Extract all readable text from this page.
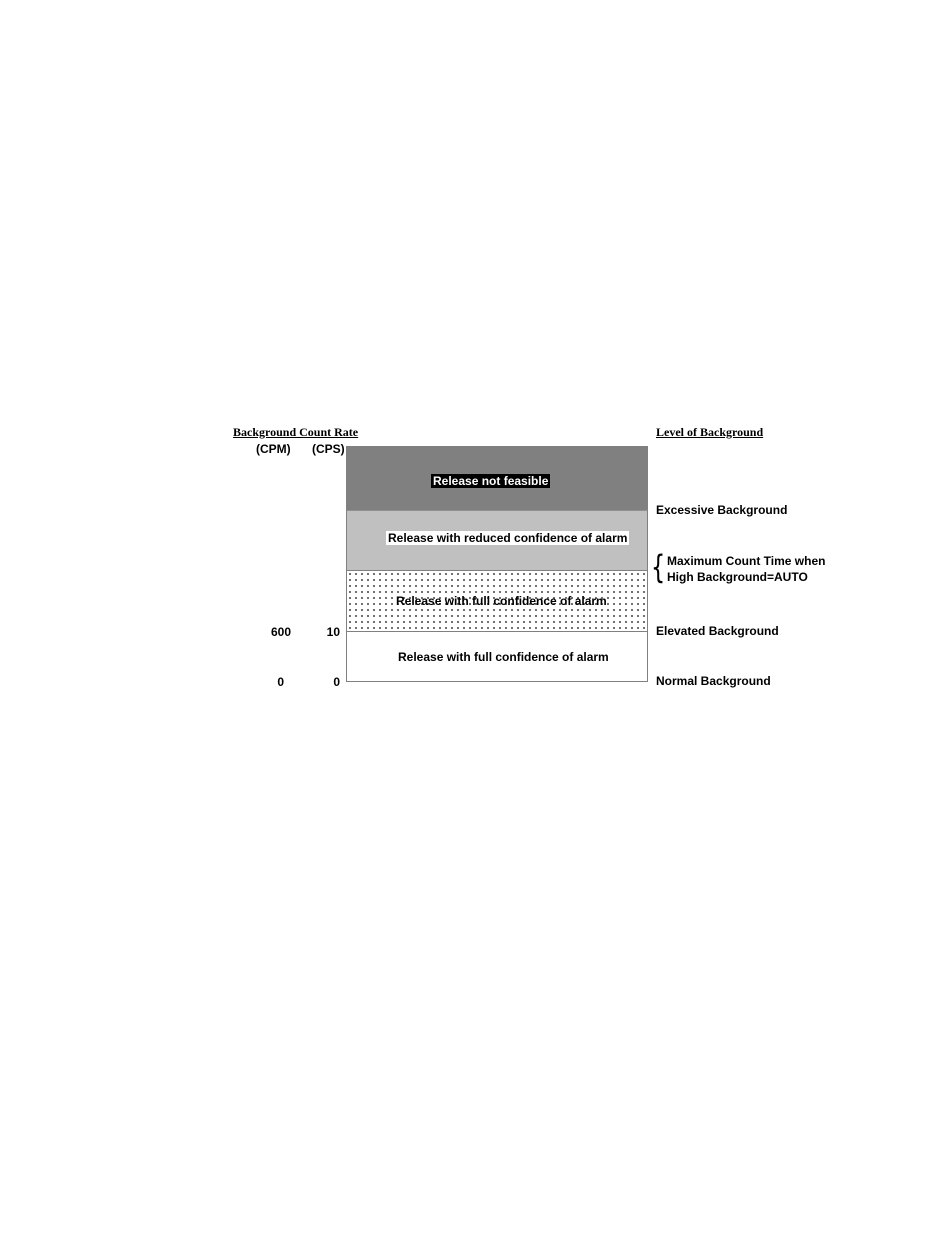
Background Count Rate	Level of Background
(CPM) (CPS)
Release not feasible
Release with reduced confidence of alarm
Release with full confidence of alarm
Release with full confidence of alarm
600	10
0	0
Excessive Background
Elevated Background
Normal Background
{ Maximum Count Time when
High Background=AUTO
